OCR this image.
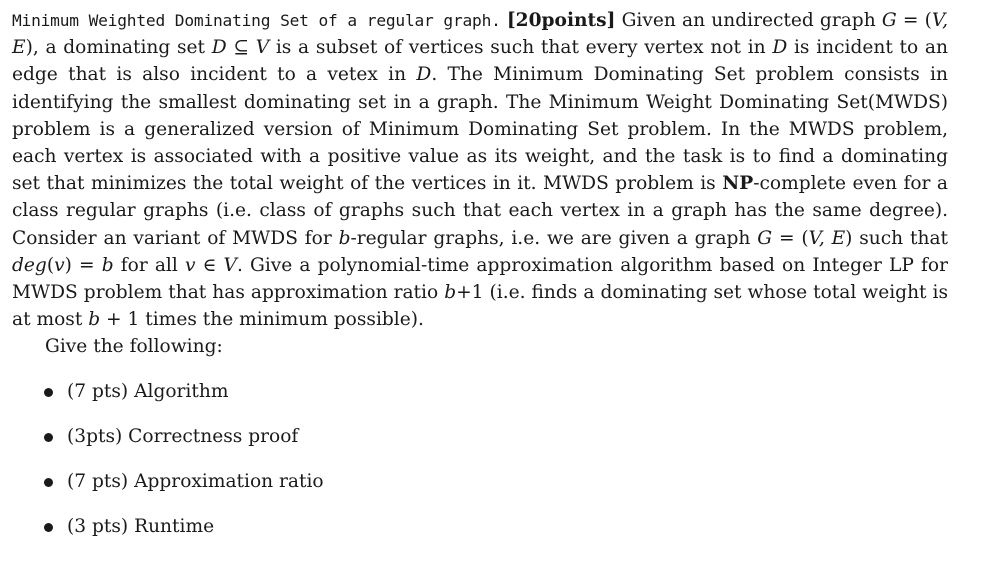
Minimum Weighted Dominating Set of a regular graph. [20points] Given an undirected graph G = (V, E), a dominating set D ⊆ V is a subset of vertices such that every vertex not in D is incident to an edge that is also incident to a vetex in D. The Minimum Dominating Set problem consists in identifying the smallest dominating set in a graph. The Minimum Weight Dominating Set(MWDS) problem is a generalized version of Minimum Dominating Set problem. In the MWDS problem, each vertex is associated with a positive value as its weight, and the task is to find a dominating set that minimizes the total weight of the vertices in it. MWDS problem is NP-complete even for a class regular graphs (i.e. class of graphs such that each vertex in a graph has the same degree). Consider an variant of MWDS for b-regular graphs, i.e. we are given a graph G = (V, E) such that deg(v) = b for all v ∈ V. Give a polynomial-time approximation algorithm based on Integer LP for MWDS problem that has approximation ratio b+1 (i.e. finds a dominating set whose total weight is at most b + 1 times the minimum possible).

Give the following:

(7 pts) Algorithm
(3pts) Correctness proof
(7 pts) Approximation ratio
(3 pts) Runtime
